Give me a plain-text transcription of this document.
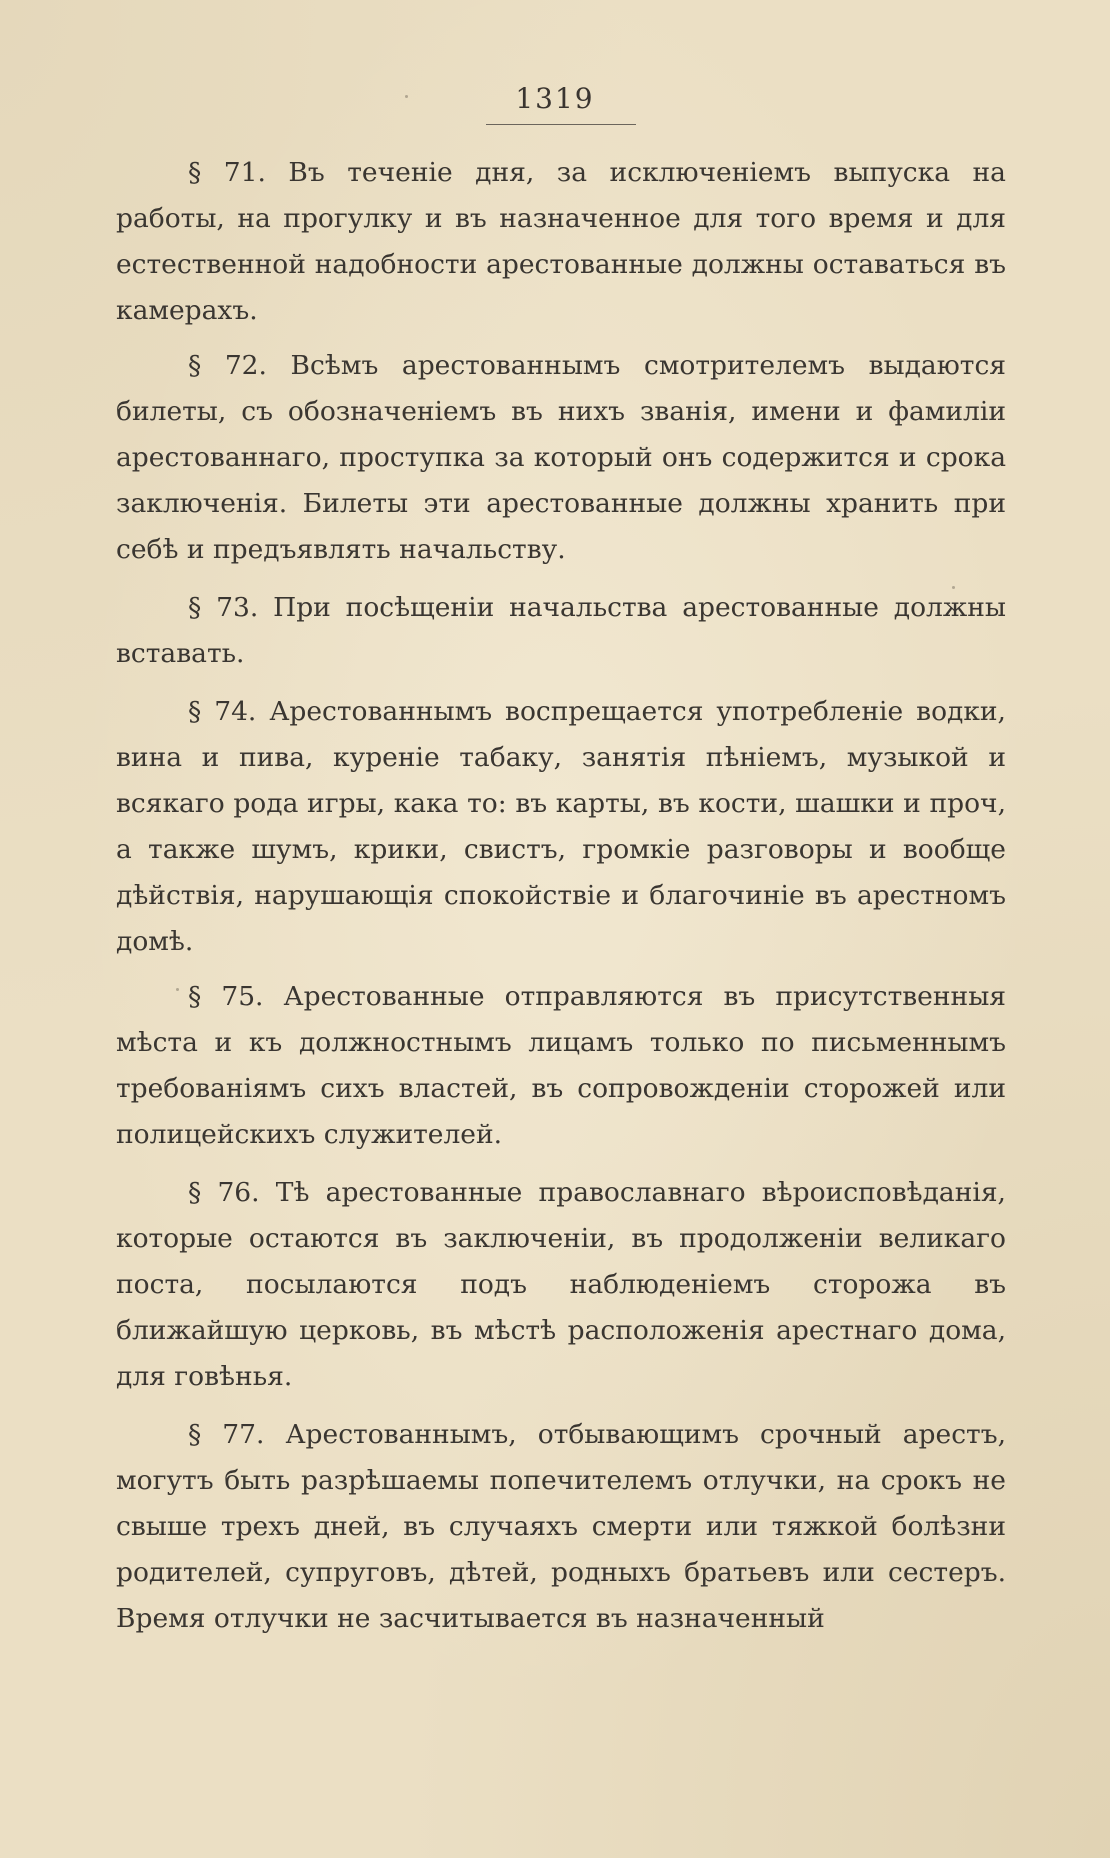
1319

§ 71. Въ теченіе дня, за исключеніемъ выпуска на работы, на прогулку и въ назначенное для того время и для естественной надобности арестованные должны оставаться въ камерахъ.

§ 72. Всѣмъ арестованнымъ смотрителемъ выдаются билеты, съ обозначеніемъ въ нихъ званія, имени и фамиліи арестованнаго, проступка за который онъ содержится и срока заключенія. Билеты эти арестованные должны хранить при себѣ и предъявлять начальству.

§ 73. При посѣщеніи начальства арестованные должны вставать.

§ 74. Арестованнымъ воспрещается употребленіе водки, вина и пива, куреніе табаку, занятія пѣніемъ, музыкой и всякаго рода игры, кака то: въ карты, въ кости, шашки и проч, а также шумъ, крики, свистъ, громкіе разговоры и вообще дѣйствія, нарушающія спокойствіе и благочиніе въ арестномъ домѣ.

§ 75. Арестованные отправляются въ присутственныя мѣста и къ должностнымъ лицамъ только по письменнымъ требованіямъ сихъ властей, въ сопровожденіи сторожей или полицейскихъ служителей.

§ 76. Тѣ арестованные православнаго вѣроисповѣданія, которые остаются въ заключеніи, въ продолженіи великаго поста, посылаются подъ наблюденіемъ сторожа въ ближайшую церковь, въ мѣстѣ расположенія арестнаго дома, для говѣнья.

§ 77. Арестованнымъ, отбывающимъ срочный арестъ, могутъ быть разрѣшаемы попечителемъ отлучки, на срокъ не свыше трехъ дней, въ случаяхъ смерти или тяжкой болѣзни родителей, супруговъ, дѣтей, родныхъ братьевъ или сестеръ. Время отлучки не засчитывается въ назначенный
